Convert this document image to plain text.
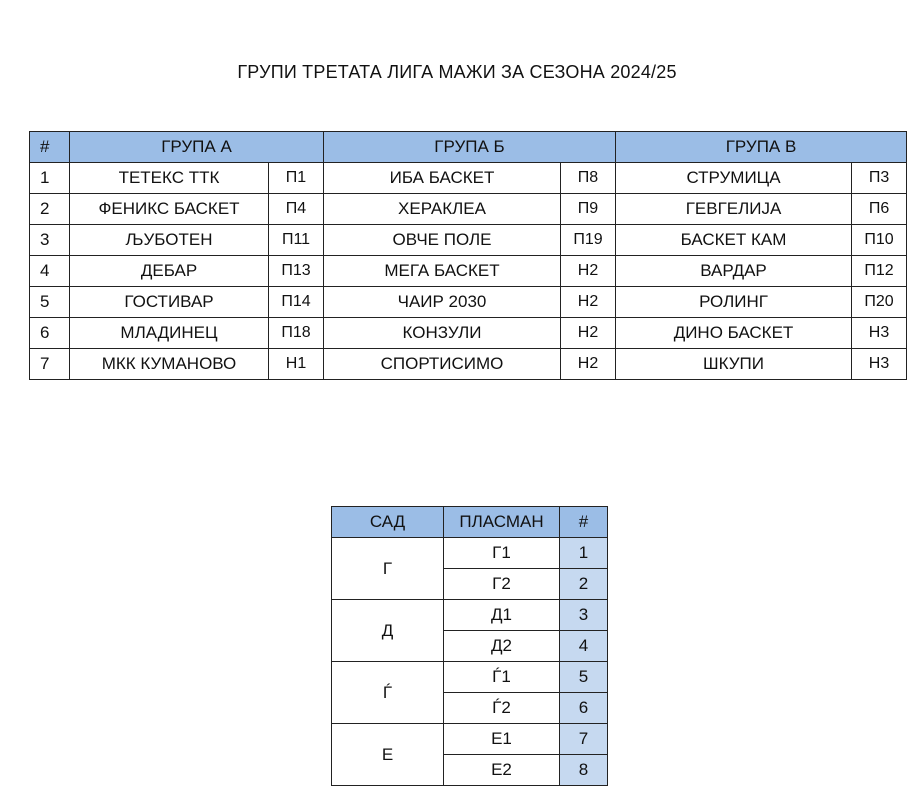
ГРУПИ ТРЕТАТА ЛИГА МАЖИ ЗА СЕЗОНА 2024/25
#	ГРУПА А		ГРУПА Б		ГРУПА В	
1	ТЕТЕКС ТТК	П1	ИБА БАСКЕТ	П8	СТРУМИЦА	П3
2	ФЕНИКС БАСКЕТ	П4	ХЕРАКЛЕА	П9	ГЕВГЕЛИЈА	П6
3	ЉУБОТЕН	П11	ОВЧЕ ПОЛЕ	П19	БАСКЕТ КАМ	П10
4	ДЕБАР	П13	МЕГА БАСКЕТ	Н2	ВАРДАР	П12
5	ГОСТИВАР	П14	ЧАИР 2030	Н2	РОЛИНГ	П20
6	МЛАДИНЕЦ	П18	КОНЗУЛИ	Н2	ДИНО БАСКЕТ	Н3
7	МКК КУМАНОВО	Н1	СПОРТИСИМО	Н2	ШКУПИ	Н3
САД	ПЛАСМАН	#
Г	Г1	1
	Г2	2
Д	Д1	3
	Д2	4
Ѓ	Ѓ1	5
	Ѓ2	6
Е	Е1	7
	Е2	8
